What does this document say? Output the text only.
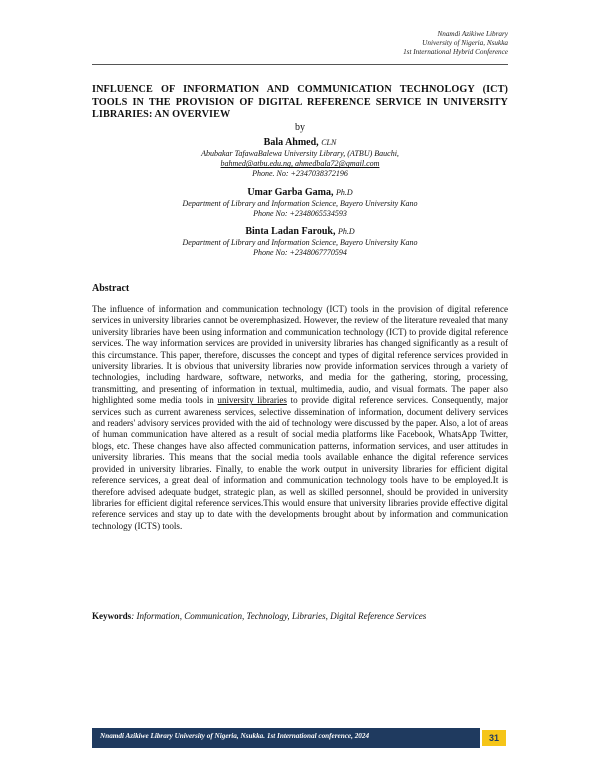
Nnamdi Azikiwe Library
University of Nigeria, Nsukka
1st International Hybrid Conference
INFLUENCE OF INFORMATION AND COMMUNICATION TECHNOLOGY (ICT) TOOLS IN THE PROVISION OF DIGITAL REFERENCE SERVICE IN UNIVERSITY LIBRARIES: AN OVERVIEW
by
Bala Ahmed, CLN
Abubakar TafawaBalewa University Library, (ATBU) Bauchi,
bahmed@atbu.edu.ng, ahmedbala72@gmail.com
Phone. No: +2347038372196
Umar Garba Gama, Ph.D
Department of Library and Information Science, Bayero University Kano
Phone No: +2348065534593
Binta Ladan Farouk, Ph.D
Department of Library and Information Science, Bayero University Kano
Phone No: +2348067770594
Abstract

The influence of information and communication technology (ICT) tools in the provision of digital reference services in university libraries cannot be overemphasized. However, the review of the literature revealed that many university libraries have been using information and communication technology (ICT) to provide digital reference services. The way information services are provided in university libraries has changed significantly as a result of this circumstance. This paper, therefore, discusses the concept and types of digital reference services provided in university libraries. It is obvious that university libraries now provide information services through a variety of technologies, including hardware, software, networks, and media for the gathering, storing, processing, transmitting, and presenting of information in textual, multimedia, audio, and visual formats. The paper also highlighted some media tools in university libraries to provide digital reference services. Consequently, major services such as current awareness services, selective dissemination of information, document delivery services and readers' advisory services provided with the aid of technology were discussed by the paper. Also, a lot of areas of human communication have altered as a result of social media platforms like Facebook, WhatsApp Twitter, blogs, etc. These changes have also affected communication patterns, information services, and user attitudes in university libraries. This means that the social media tools available enhance the digital reference services provided in university libraries. Finally, to enable the work output in university libraries for efficient digital reference services, a great deal of information and communication technology tools have to be employed.It is therefore advised adequate budget, strategic plan, as well as skilled personnel, should be provided in university libraries for efficient digital reference services.This would ensure that university libraries provide effective digital reference services and stay up to date with the developments brought about by information and communication technology (ICTS) tools.

Keywords: Information, Communication, Technology, Libraries, Digital Reference Services

Nnamdi Azikiwe Library University of Nigeria, Nsukka. 1st International conference, 2024	31
